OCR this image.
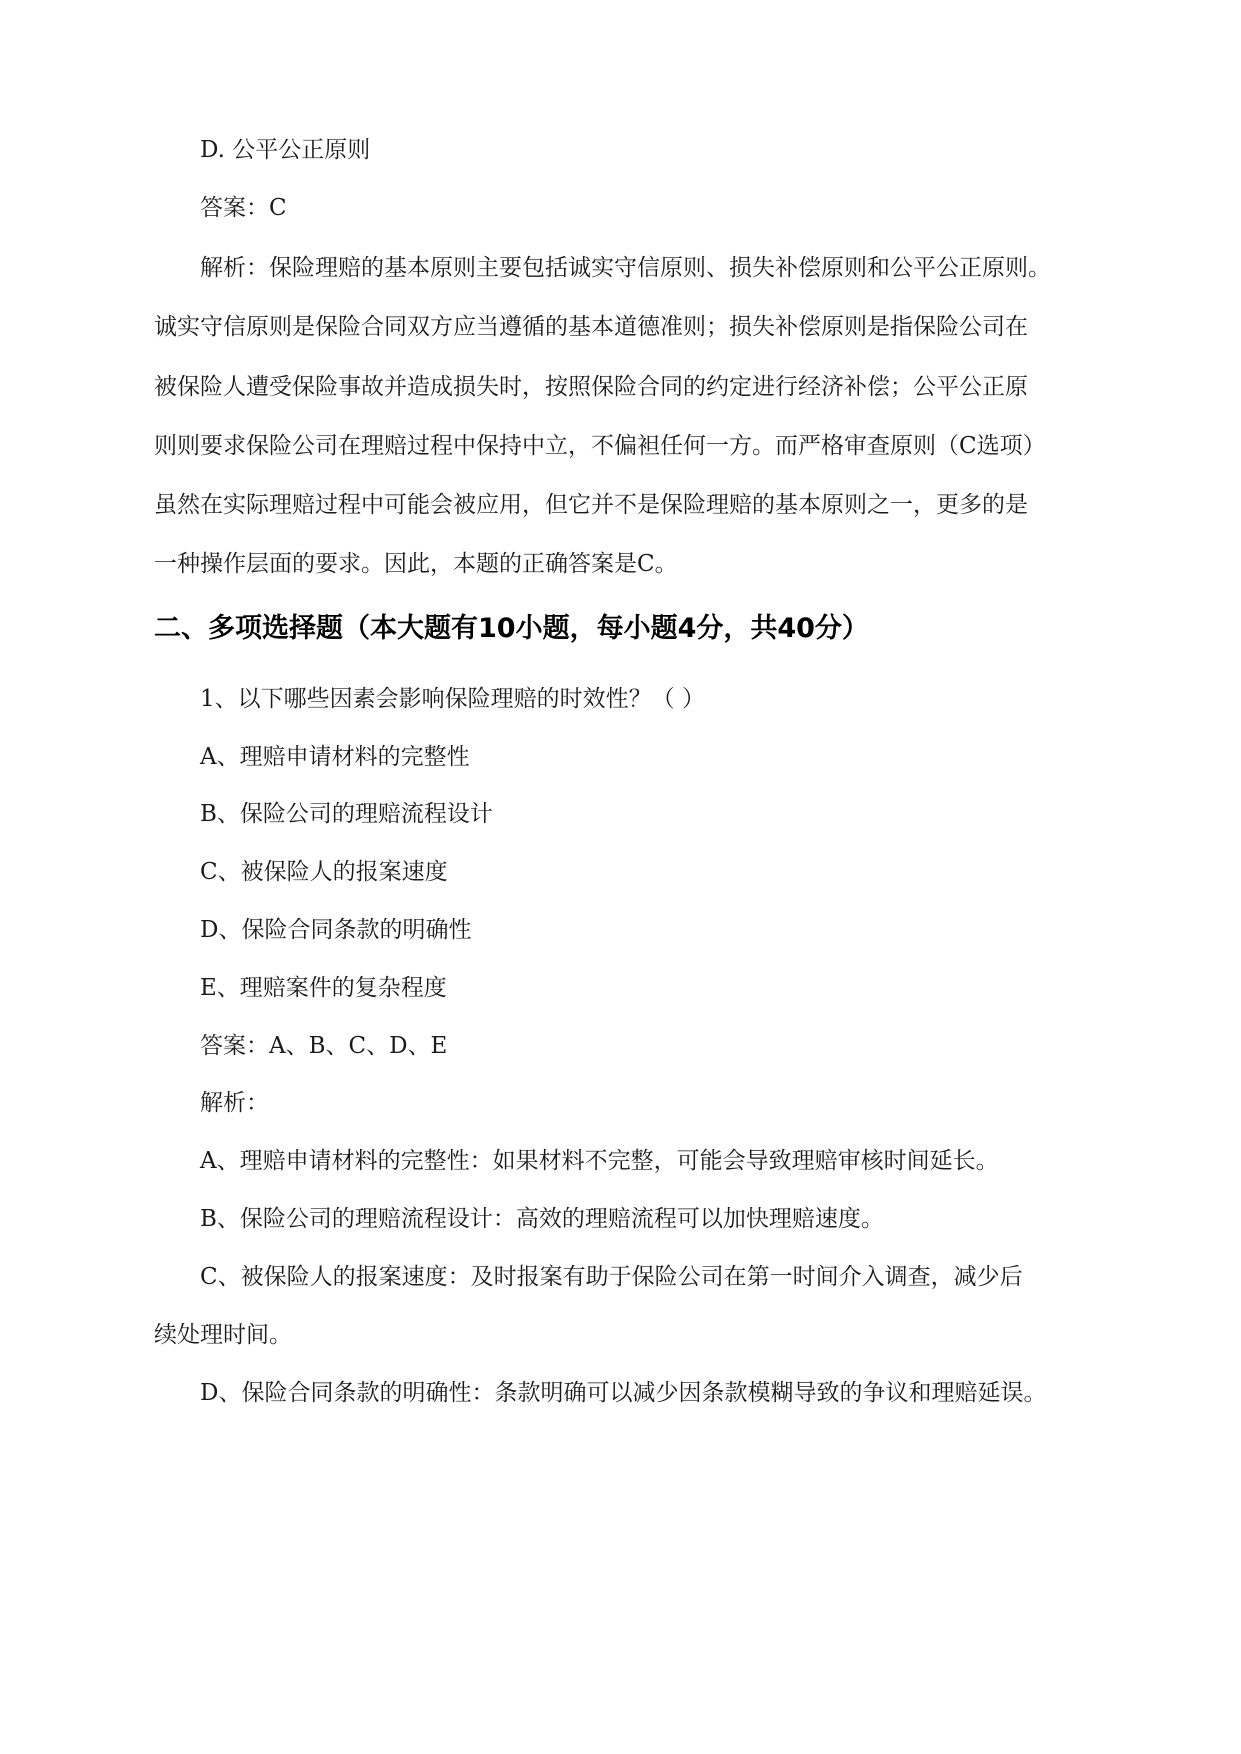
D. 公平公正原则
答案：C
解析：保险理赔的基本原则主要包括诚实守信原则、损失补偿原则和公平公正原则。
诚实守信原则是保险合同双方应当遵循的基本道德准则；损失补偿原则是指保险公司在
被保险人遭受保险事故并造成损失时，按照保险合同的约定进行经济补偿；公平公正原
则则要求保险公司在理赔过程中保持中立，不偏袒任何一方。而严格审查原则（C选项）
虽然在实际理赔过程中可能会被应用，但它并不是保险理赔的基本原则之一，更多的是
一种操作层面的要求。因此，本题的正确答案是C。
二、多项选择题（本大题有10小题，每小题4分，共40分）
1、以下哪些因素会影响保险理赔的时效性？（ ）
A、理赔申请材料的完整性
B、保险公司的理赔流程设计
C、被保险人的报案速度
D、保险合同条款的明确性
E、理赔案件的复杂程度
答案：A、B、C、D、E
解析：
A、理赔申请材料的完整性：如果材料不完整，可能会导致理赔审核时间延长。
B、保险公司的理赔流程设计：高效的理赔流程可以加快理赔速度。
C、被保险人的报案速度：及时报案有助于保险公司在第一时间介入调查，减少后
续处理时间。
D、保险合同条款的明确性：条款明确可以减少因条款模糊导致的争议和理赔延误。
